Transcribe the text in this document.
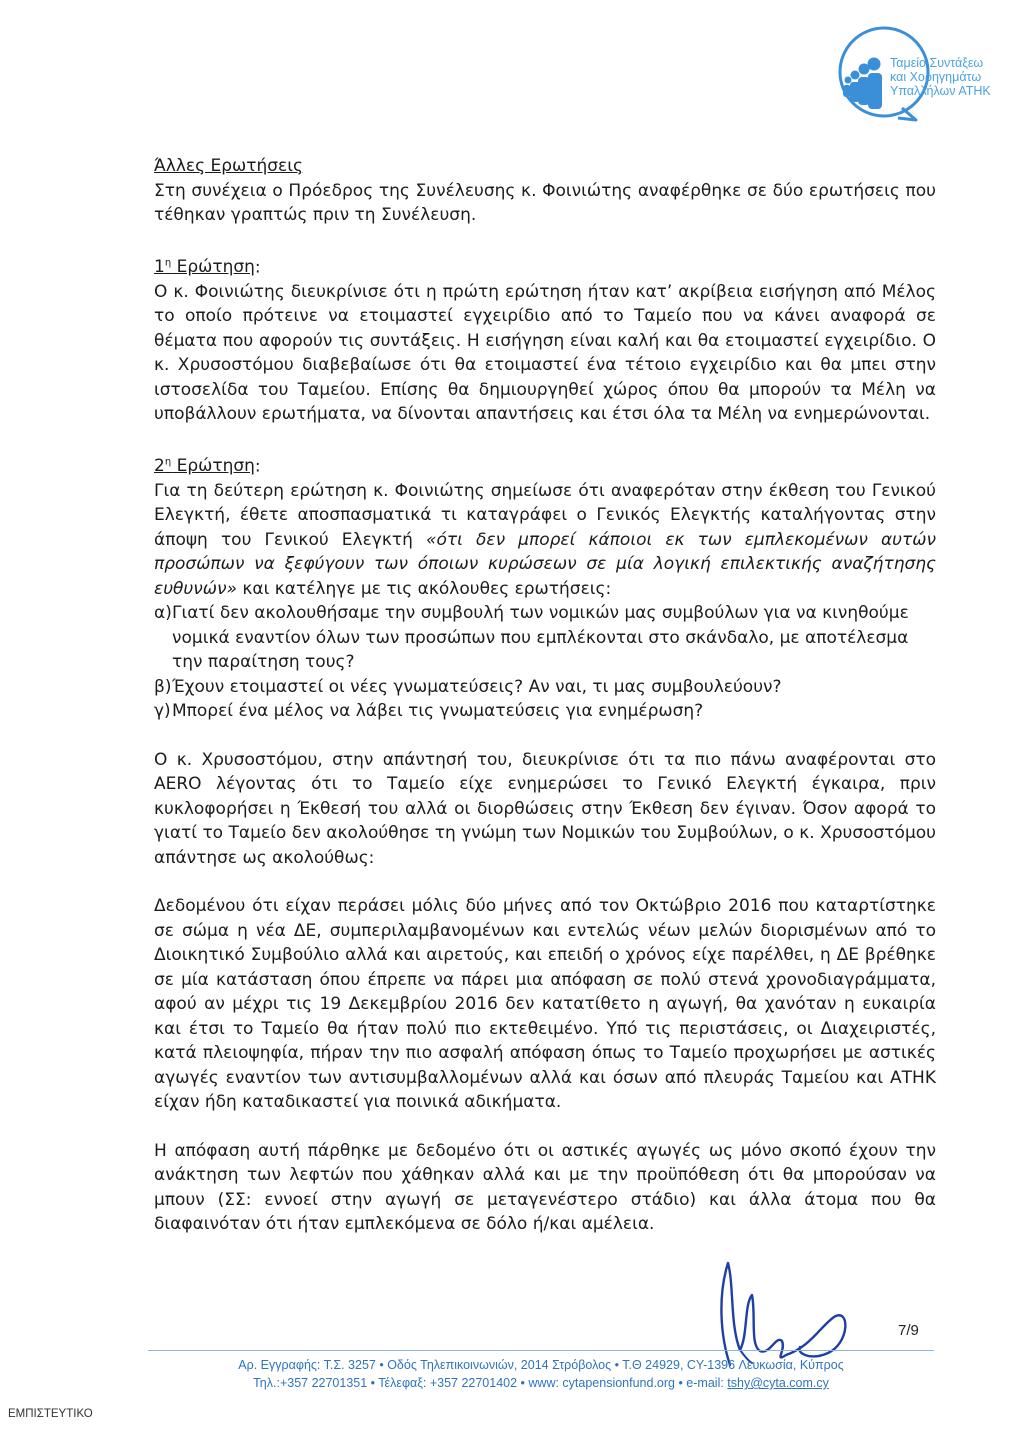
Ταμείο Συντάξεω
και Χορηγημάτω
Υπαλλήλων ΑΤΗΚ

Άλλες Ερωτήσεις

Στη συνέχεια ο Πρόεδρος της Συνέλευσης κ. Φοινιώτης αναφέρθηκε σε δύο ερωτήσεις που τέθηκαν γραπτώς πριν τη Συνέλευση.

$1^\eta$ Ερώτηση:

Ο κ. Φοινιώτης διευκρίνισε ότι η πρώτη ερώτηση ήταν κατ’ ακρίβεια εισήγηση από Μέλος το οποίο πρότεινε να ετοιμαστεί εγχειρίδιο από το Ταμείο που να κάνει αναφορά σε θέματα που αφορούν τις συντάξεις. Η εισήγηση είναι καλή και θα ετοιμαστεί εγχειρίδιο. Ο κ. Χρυσοστόμου διαβεβαίωσε ότι θα ετοιμαστεί ένα τέτοιο εγχειρίδιο και θα μπει στην ιστοσελίδα του Ταμείου. Επίσης θα δημιουργηθεί χώρος όπου θα μπορούν τα Μέλη να υποβάλλουν ερωτήματα, να δίνονται απαντήσεις και έτσι όλα τα Μέλη να ενημερώνονται.

$2^\eta$ Ερώτηση:

Για τη δεύτερη ερώτηση κ. Φοινιώτης σημείωσε ότι αναφερόταν στην έκθεση του Γενικού Ελεγκτή, έθετε αποσπασματικά τι καταγράφει ο Γενικός Ελεγκτής καταλήγοντας στην άποψη του Γενικού Ελεγκτή «ότι δεν μπορεί κάποιοι εκ των εμπλεκομένων αυτών προσώπων να ξεφύγουν των όποιων κυρώσεων σε μία λογική επιλεκτικής αναζήτησης ευθυνών» και κατέληγε με τις ακόλουθες ερωτήσεις:

α) Γιατί δεν ακολουθήσαμε την συμβουλή των νομικών μας συμβούλων για να κινηθούμε νομικά εναντίον όλων των προσώπων που εμπλέκονται στο σκάνδαλο, με αποτέλεσμα την παραίτηση τους?
β) Έχουν ετοιμαστεί οι νέες γνωματεύσεις? Αν ναι, τι μας συμβουλεύουν?
γ) Μπορεί ένα μέλος να λάβει τις γνωματεύσεις για ενημέρωση?

Ο κ. Χρυσοστόμου, στην απάντησή του, διευκρίνισε ότι τα πιο πάνω αναφέρονται στο AERO λέγοντας ότι το Ταμείο είχε ενημερώσει το Γενικό Ελεγκτή έγκαιρα, πριν κυκλοφορήσει η Έκθεσή του αλλά οι διορθώσεις στην Έκθεση δεν έγιναν. Όσον αφορά το γιατί το Ταμείο δεν ακολούθησε τη γνώμη των Νομικών του Συμβούλων, ο κ. Χρυσοστόμου απάντησε ως ακολούθως:

Δεδομένου ότι είχαν περάσει μόλις δύο μήνες από τον Οκτώβριο 2016 που καταρτίστηκε σε σώμα η νέα ΔΕ, συμπεριλαμβανομένων και εντελώς νέων μελών διορισμένων από το Διοικητικό Συμβούλιο αλλά και αιρετούς, και επειδή ο χρόνος είχε παρέλθει, η ΔΕ βρέθηκε σε μία κατάσταση όπου έπρεπε να πάρει μια απόφαση σε πολύ στενά χρονοδιαγράμματα, αφού αν μέχρι τις 19 Δεκεμβρίου 2016 δεν κατατίθετο η αγωγή, θα χανόταν η ευκαιρία και έτσι το Ταμείο θα ήταν πολύ πιο εκτεθειμένο. Υπό τις περιστάσεις, οι Διαχειριστές, κατά πλειοψηφία, πήραν την πιο ασφαλή απόφαση όπως το Ταμείο προχωρήσει με αστικές αγωγές εναντίον των αντισυμβαλλομένων αλλά και όσων από πλευράς Ταμείου και ΑΤΗΚ είχαν ήδη καταδικαστεί για ποινικά αδικήματα.

Η απόφαση αυτή πάρθηκε με δεδομένο ότι οι αστικές αγωγές ως μόνο σκοπό έχουν την ανάκτηση των λεφτών που χάθηκαν αλλά και με την προϋπόθεση ότι θα μπορούσαν να μπουν (ΣΣ: εννοεί στην αγωγή σε μεταγενέστερο στάδιο) και άλλα άτομα που θα διαφαινόταν ότι ήταν εμπλεκόμενα σε δόλο ή/και αμέλεια.

7/9
Αρ. Εγγραφής: Τ.Σ. 3257 • Οδός Τηλεπικοινωνιών, 2014 Στρόβολος • Τ.Θ 24929, CY-1396 Λευκωσία, Κύπρος
Τηλ.:+357 22701351 • Τέλεφαξ: +357 22701402 • www: cytapensionfund.org • e-mail: tshy@cyta.com.cy
ΕΜΠΙΣΤΕΥΤΙΚΟ
